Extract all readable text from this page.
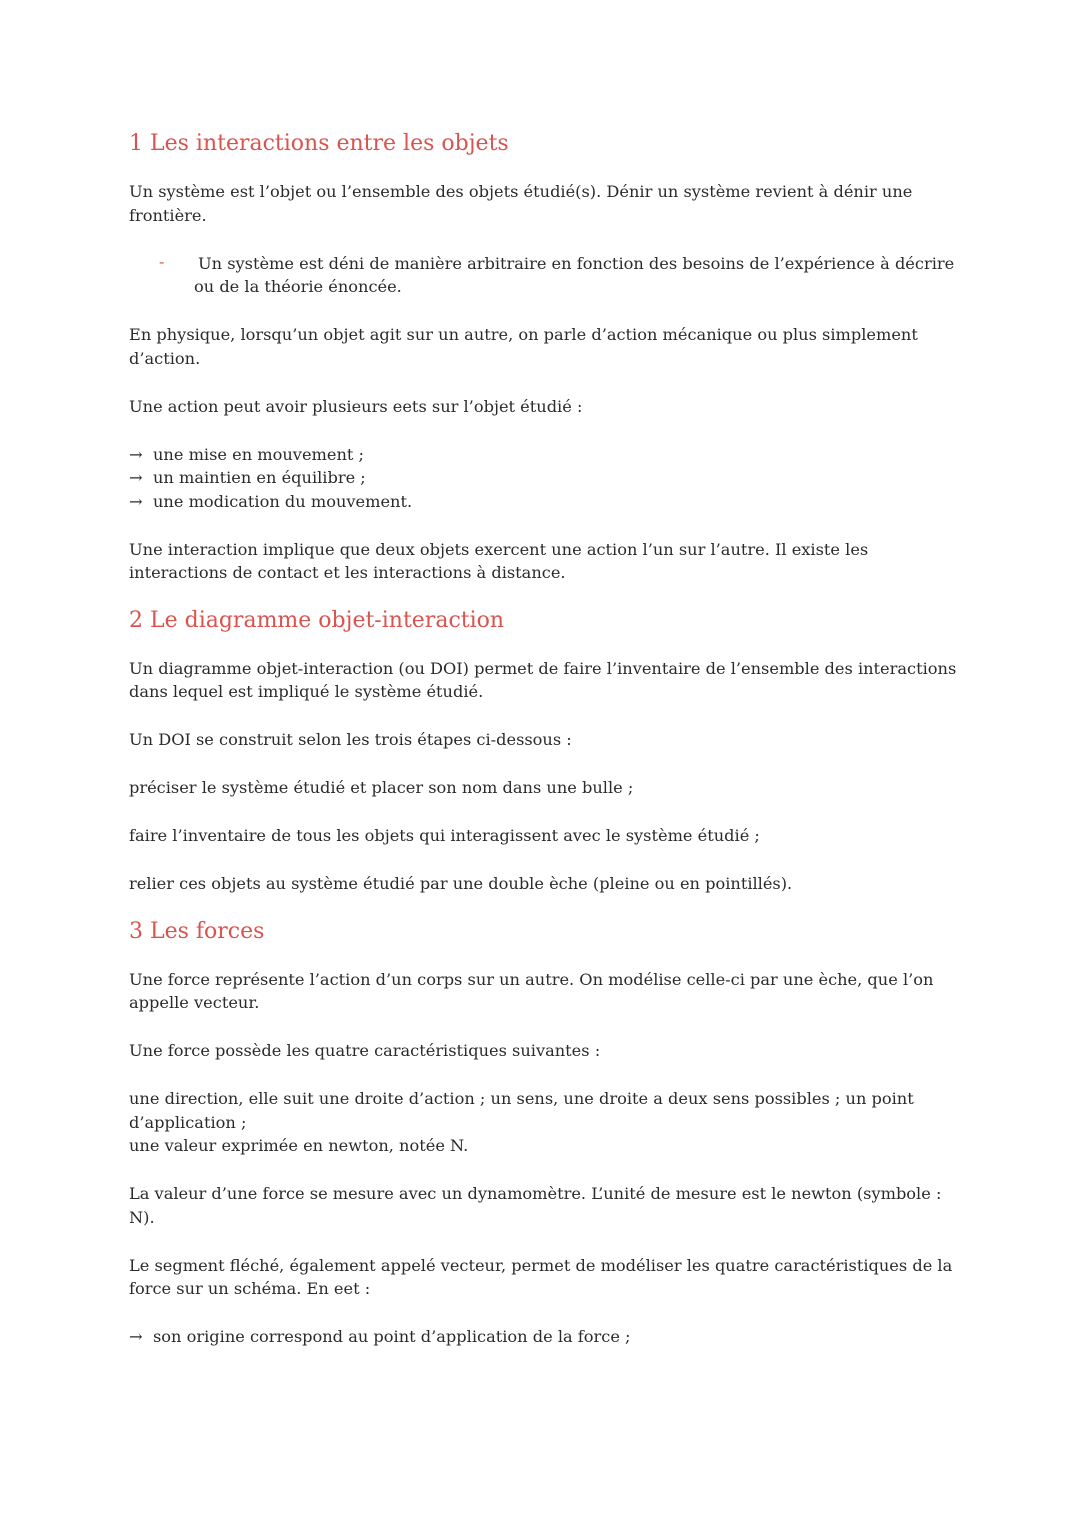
1 Les interactions entre les objets

Un système est l’objet ou l’ensemble des objets étudié(s). Dénir un système revient à dénir une frontière.

- Un système est déni de manière arbitraire en fonction des besoins de l’expérience à décrire ou de la théorie énoncée.

En physique, lorsqu’un objet agit sur un autre, on parle d’action mécanique ou plus simplement d’action.

Une action peut avoir plusieurs eets sur l’objet étudié :

→ une mise en mouvement ;

→ un maintien en équilibre ;

→ une modication du mouvement.

Une interaction implique que deux objets exercent une action l’un sur l’autre. Il existe les interactions de contact et les interactions à distance.

2 Le diagramme objet-interaction

Un diagramme objet-interaction (ou DOI) permet de faire l’inventaire de l’ensemble des interactions dans lequel est impliqué le système étudié.

Un DOI se construit selon les trois étapes ci-dessous :

préciser le système étudié et placer son nom dans une bulle ;

faire l’inventaire de tous les objets qui interagissent avec le système étudié ;

relier ces objets au système étudié par une double èche (pleine ou en pointillés).

3 Les forces

Une force représente l’action d’un corps sur un autre. On modélise celle-ci par une èche, que l’on appelle vecteur.

Une force possède les quatre caractéristiques suivantes :

une direction, elle suit une droite d’action ; un sens, une droite a deux sens possibles ; un point d’application ;

une valeur exprimée en newton, notée N.

La valeur d’une force se mesure avec un dynamomètre. L’unité de mesure est le newton (symbole : N).

Le segment fléché, également appelé vecteur, permet de modéliser les quatre caractéristiques de la force sur un schéma. En eet :

→ son origine correspond au point d’application de la force ;
